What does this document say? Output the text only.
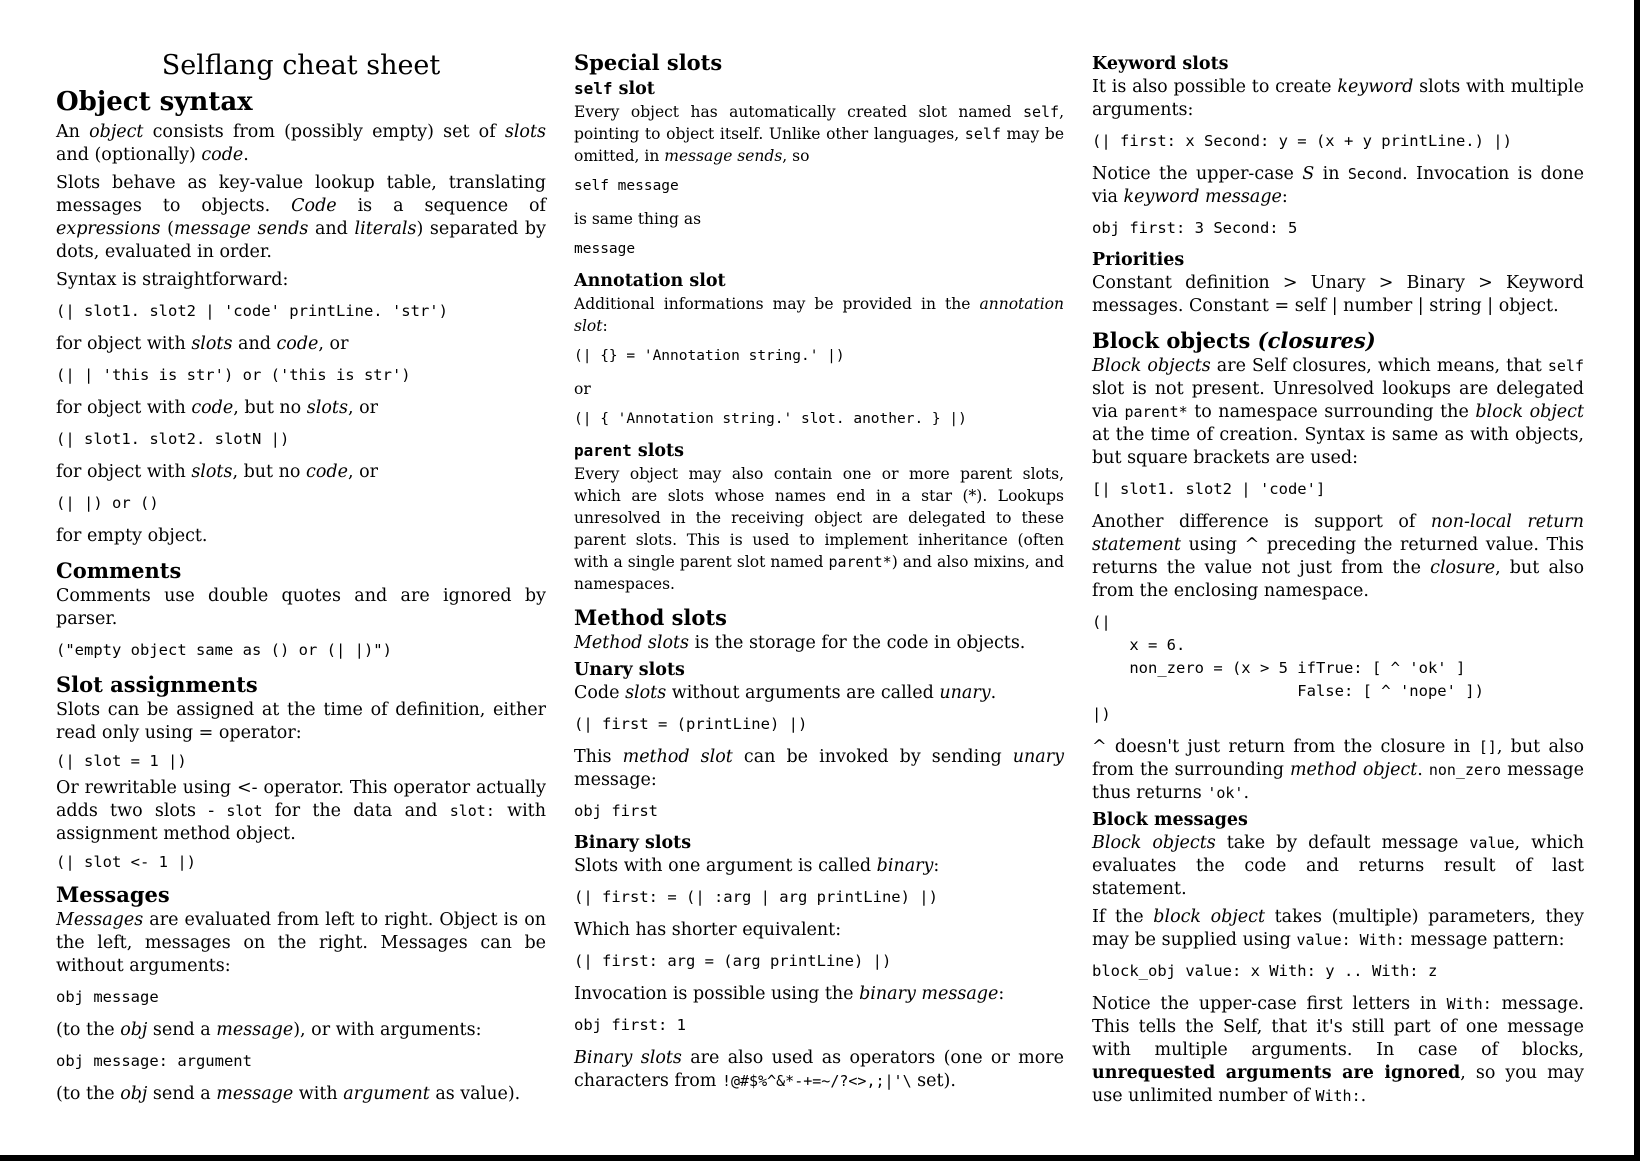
Selflang cheat sheet
Object syntax

An object consists from (possibly empty) set of slots and (optionally) code.

Slots behave as key-value lookup table, translating messages to objects. Code is a sequence of expressions (message sends and literals) separated by dots, evaluated in order.

Syntax is straightforward:

(| slot1. slot2 | 'code' printLine. 'str')

for object with slots and code, or

(| | 'this is str') or ('this is str')

for object with code, but no slots, or

(| slot1. slot2. slotN |)

for object with slots, but no code, or

(| |) or ()

for empty object.

Comments

Comments use double quotes and are ignored by parser.

("empty object same as () or (| |)")
Slot assignments

Slots can be assigned at the time of definition, either read only using = operator:

(| slot = 1 |)

Or rewritable using <- operator. This operator actually adds two slots - slot for the data and slot: with assignment method object.

(| slot <- 1 |)
Messages

Messages are evaluated from left to right. Object is on the left, messages on the right. Messages can be without arguments:

obj message

(to the obj send a message), or with arguments:

obj message: argument

(to the obj send a message with argument as value).

Special slots
self slot

Every object has automatically created slot named self, pointing to object itself. Unlike other languages, self may be omitted, in message sends, so

self message

is same thing as

message
Annotation slot

Additional informations may be provided in the annotation slot:

(| {} = 'Annotation string.' |)

or

(| { 'Annotation string.' slot. another. } |)
parent slots

Every object may also contain one or more parent slots, which are slots whose names end in a star (*). Lookups unresolved in the receiving object are delegated to these parent slots. This is used to implement inheritance (often with a single parent slot named parent*) and also mixins, and namespaces.

Method slots

Method slots is the storage for the code in objects.

Unary slots

Code slots without arguments are called unary.

(| first = (printLine) |)

This method slot can be invoked by sending unary message:

obj first
Binary slots

Slots with one argument is called binary:

(| first: = (| :arg | arg printLine) |)

Which has shorter equivalent:

(| first: arg = (arg printLine) |)

Invocation is possible using the binary message:

obj first: 1

Binary slots are also used as operators (one or more characters from !@#$%^&*-+=~/?<>,;|'\ set).

Keyword slots

It is also possible to create keyword slots with multiple arguments:

(| first: x Second: y = (x + y printLine.) |)

Notice the upper-case S in Second. Invocation is done via keyword message:

obj first: 3 Second: 5
Priorities

Constant definition > Unary > Binary > Keyword messages. Constant = self | number | string | object.

Block objects (closures)

Block objects are Self closures, which means, that self slot is not present. Unresolved lookups are delegated via parent* to namespace surrounding the block object at the time of creation. Syntax is same as with objects, but square brackets are used:

[| slot1. slot2 | 'code']

Another difference is support of non-local return statement using ^ preceding the returned value. This returns the value not just from the closure, but also from the enclosing namespace.

(|
x = 6.
non_zero = (x > 5 ifTrue: [ ^ 'ok' ]
False: [ ^ 'nope' ])
|)

^ doesn't just return from the closure in [], but also from the surrounding method object. non_zero message thus returns 'ok'.

Block messages

Block objects take by default message value, which evaluates the code and returns result of last statement.

If the block object takes (multiple) parameters, they may be supplied using value: With: message pattern:

block_obj value: x With: y .. With: z

Notice the upper-case first letters in With: message. This tells the Self, that it's still part of one message with multiple arguments. In case of blocks, unrequested arguments are ignored, so you may use unlimited number of With:.
